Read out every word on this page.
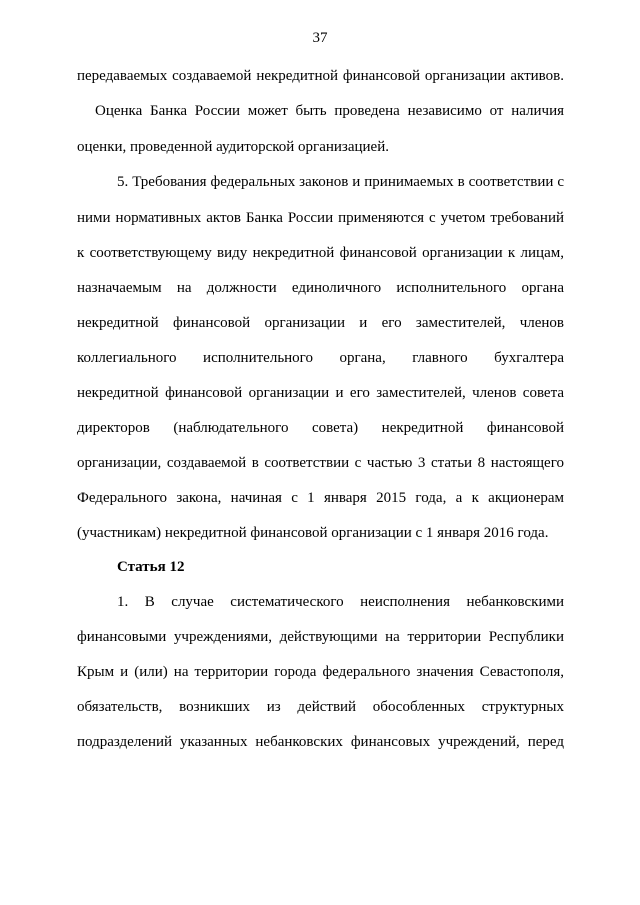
37
передаваемых создаваемой некредитной финансовой организации активов.
Оценка Банка России может быть проведена независимо от наличия
оценки, проведенной аудиторской организацией.
5. Требования федеральных законов и принимаемых в соответствии с
ними нормативных актов Банка России применяются с учетом требований
к соответствующему виду некредитной финансовой организации к лицам,
назначаемым на должности единоличного исполнительного органа
некредитной финансовой организации и его заместителей, членов
коллегиального исполнительного органа, главного бухгалтера
некредитной финансовой организации и его заместителей, членов совета
директоров (наблюдательного совета) некредитной финансовой
организации, создаваемой в соответствии с частью 3 статьи 8 настоящего
Федерального закона, начиная с 1 января 2015 года, а к акционерам
(участникам) некредитной финансовой организации с 1 января 2016 года.
Статья 12
1. В случае систематического неисполнения небанковскими
финансовыми учреждениями, действующими на территории Республики
Крым и (или) на территории города федерального значения Севастополя,
обязательств, возникших из действий обособленных структурных
подразделений указанных небанковских финансовых учреждений, перед
